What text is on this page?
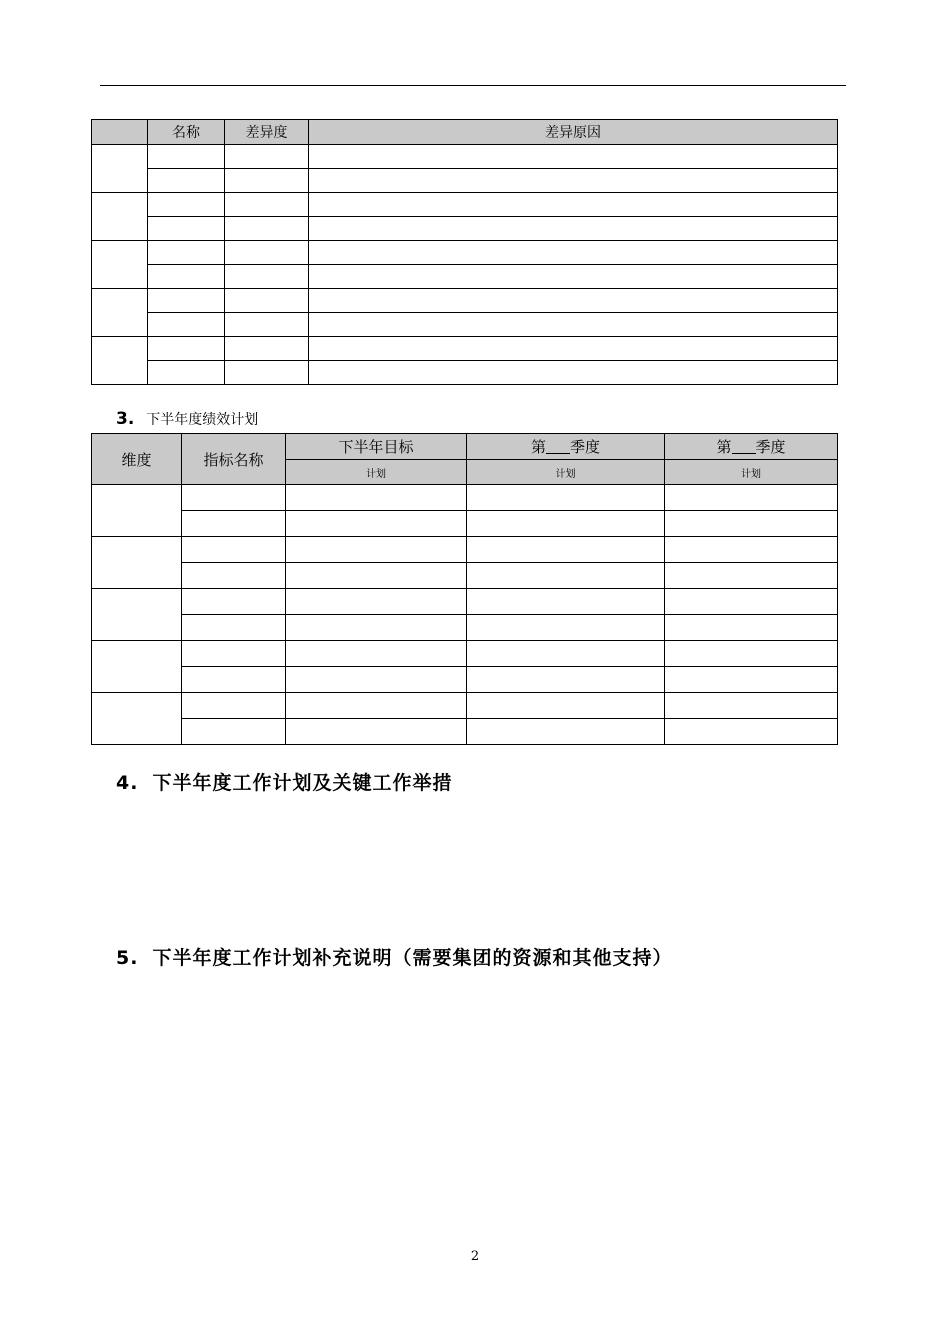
	名称	差异度	差异原因

3. 下半年度绩效计划
维度	指标名称	下半年目标	第 季度	第 季度
		计划	计划	计划

4. 下半年度工作计划及关键工作举措
5. 下半年度工作计划补充说明（需要集团的资源和其他支持）
2
